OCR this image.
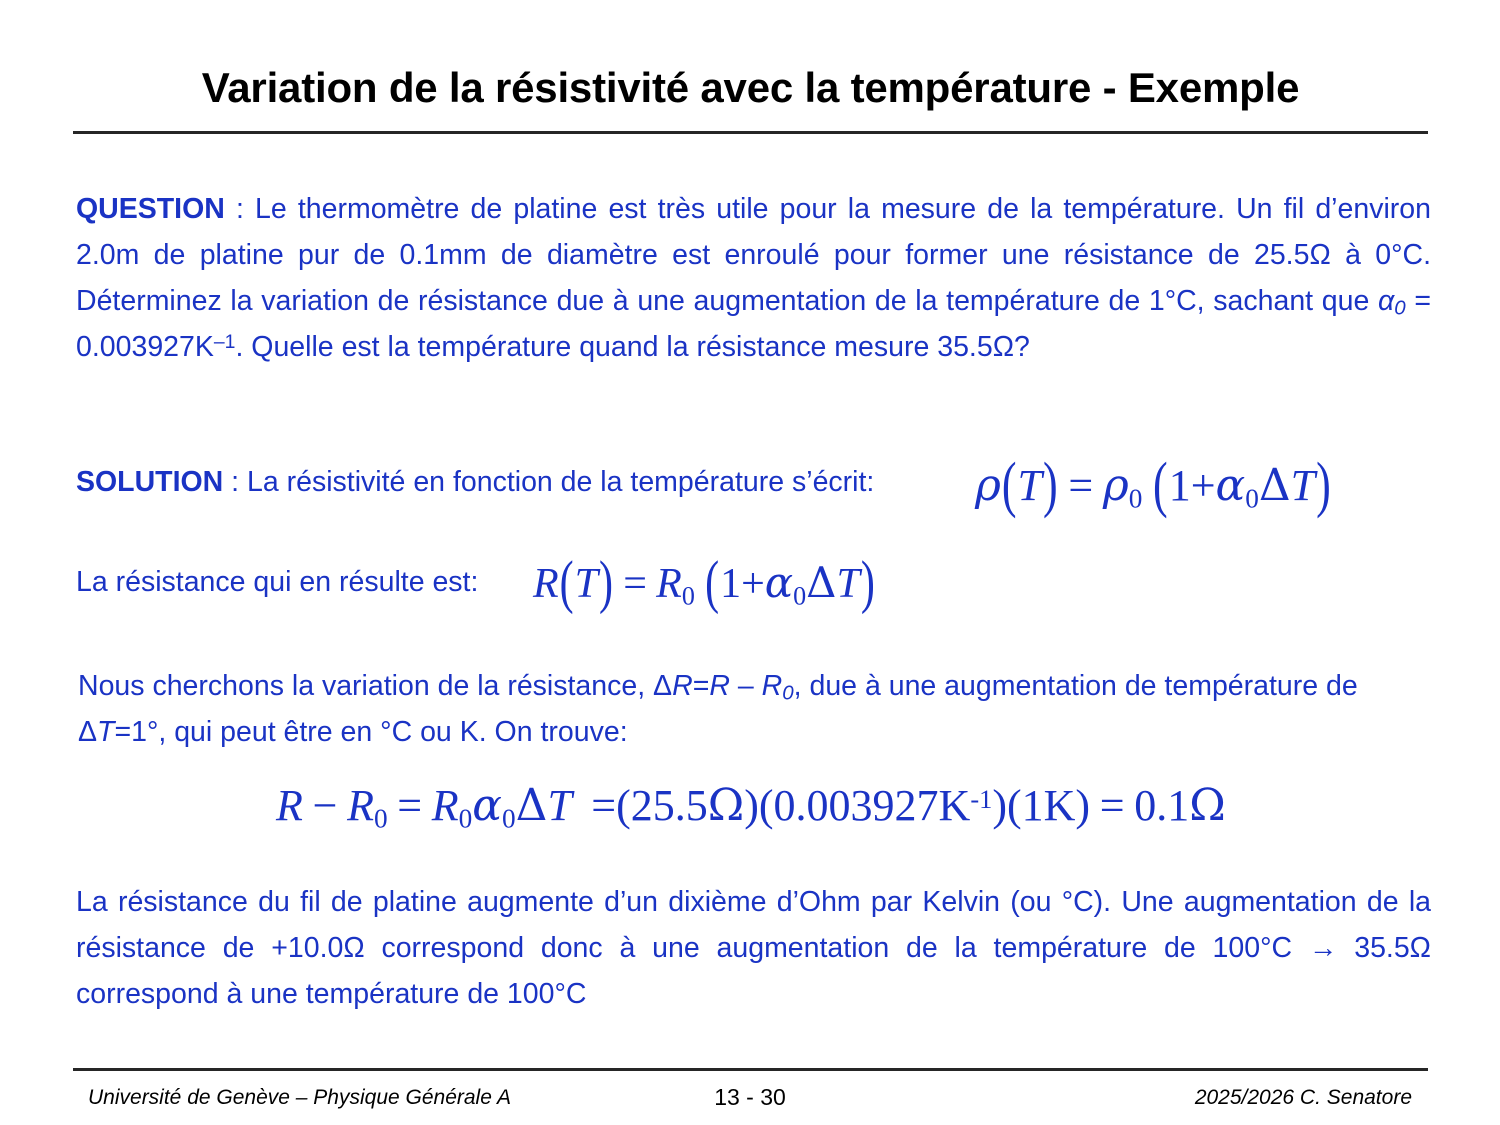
Variation de la résistivité avec la température - Exemple
QUESTION : Le thermomètre de platine est très utile pour la mesure de la température. Un fil d’environ 2.0m de platine pur de 0.1mm de diamètre est enroulé pour former une résistance de 25.5Ω à 0°C. Déterminez la variation de résistance due à une augmentation de la température de 1°C, sachant que $\alpha_0 = 0.003927K^{-1}$. Quelle est la température quand la résistance mesure 35.5Ω?
SOLUTION : La résistivité en fonction de la température s’écrit:	$\rho(T) = \rho_0$ $(1+\alpha_0\Delta T)$
La résistance qui en résulte est:	$R(T) = R_0$ $(1+\alpha_0\Delta T)$
Nous cherchons la variation de la résistance, $\Delta R=R - R_0$, due à une augmentation de température de ΔT=1°, qui peut être en °C ou K. On trouve:
$R - R_0 = R_0\alpha_0\Delta T =(25.5\Omega)(0.003927K^{-1})(1K) = 0.1\Omega$
La résistance du fil de platine augmente d’un dixième d’Ohm par Kelvin (ou °C). Une augmentation de la résistance de +10.0Ω correspond donc à une augmentation de la température de 100°C → 35.5Ω correspond à une température de 100°C
Université de Genève – Physique Générale A	13 - 30	2025/2026 C. Senatore
